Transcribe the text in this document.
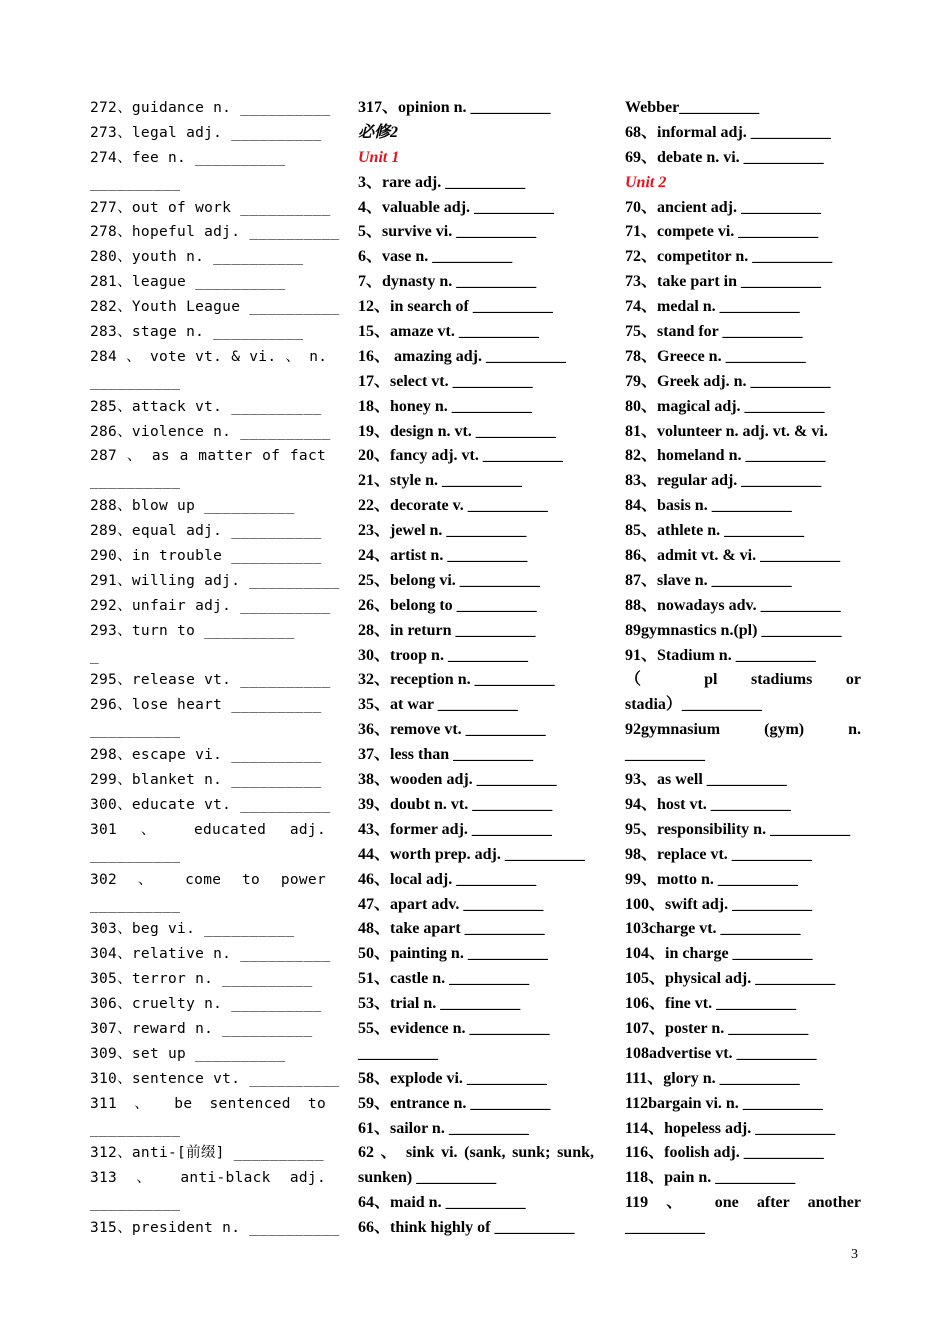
272、guidance n. __________
273、legal adj. __________
274、fee n. __________
__________
277、out of work __________
278、hopeful adj. __________
280、youth n. __________
281、league __________
282、Youth League __________
283、stage n. __________
284 、 vote vt. & vi. 、 n.
__________
285、attack vt. __________
286、violence n. __________
287 、 as a matter of fact
__________
288、blow up __________
289、equal adj. __________
290、in trouble __________
291、willing adj. __________
292、unfair adj. __________
293、turn to __________
_
295、release vt. __________
296、lose heart __________
__________
298、escape vi. __________
299、blanket n. __________
300、educate vt. __________
301 、 educated adj.
__________
302 、 come to power
__________
303、beg vi. __________
304、relative n. __________
305、terror n. __________
306、cruelty n. __________
307、reward n. __________
309、set up __________
310、sentence vt. __________
311 、 be sentenced to
__________
312、anti-[前缀] __________
313 、 anti-black adj.
__________
315、president n. __________
317、opinion n. __________
必修2
Unit 1
3、rare adj. __________
4、valuable adj. __________
5、survive vi. __________
6、vase n. __________
7、dynasty n. __________
12、in search of __________
15、amaze vt. __________
16、 amazing adj. __________
17、select vt. __________
18、honey n. __________
19、design n. vt. __________
20、fancy adj. vt. __________
21、style n. __________
22、decorate v. __________
23、jewel n. __________
24、artist n. __________
25、belong vi. __________
26、belong to __________
28、in return __________
30、troop n. __________
32、reception n. __________
35、at war __________
36、remove vt. __________
37、less than __________
38、wooden adj. __________
39、doubt n. vt. __________
43、former adj. __________
44、worth prep. adj. __________
46、local adj. __________
47、apart adv. __________
48、take apart __________
50、painting n. __________
51、castle n. __________
53、trial n. __________
55、evidence n. __________
__________
58、explode vi. __________
59、entrance n. __________
61、sailor n. __________
62 、 sink vi. (sank, sunk; sunk,
sunken) __________
64、maid n. __________
66、think highly of __________
Webber__________
68、informal adj. __________
69、debate n. vi. __________
Unit 2
70、ancient adj. __________
71、compete vi. __________
72、competitor n. __________
73、take part in __________
74、medal n. __________
75、stand for __________
78、Greece n. __________
79、Greek adj. n. __________
80、magical adj. __________
81、volunteer n. adj. vt. & vi.
82、homeland n. __________
83、regular adj. __________
84、basis n. __________
85、athlete n. __________
86、admit vt. & vi. __________
87、slave n. __________
88、nowadays adv. __________
89gymnastics n.(pl) __________
91、Stadium n. __________
（ pl stadiums or
stadia）__________
92gymnasium (gym) n.
__________
93、as well __________
94、host vt. __________
95、responsibility n. __________
98、replace vt. __________
99、motto n. __________
100、swift adj. __________
103charge vt. __________
104、in charge __________
105、physical adj. __________
106、fine vt. __________
107、poster n. __________
108advertise vt. __________
111、glory n. __________
112bargain vi. n. __________
114、hopeless adj. __________
116、foolish adj. __________
118、pain n. __________
119 、 one after another
__________
3
